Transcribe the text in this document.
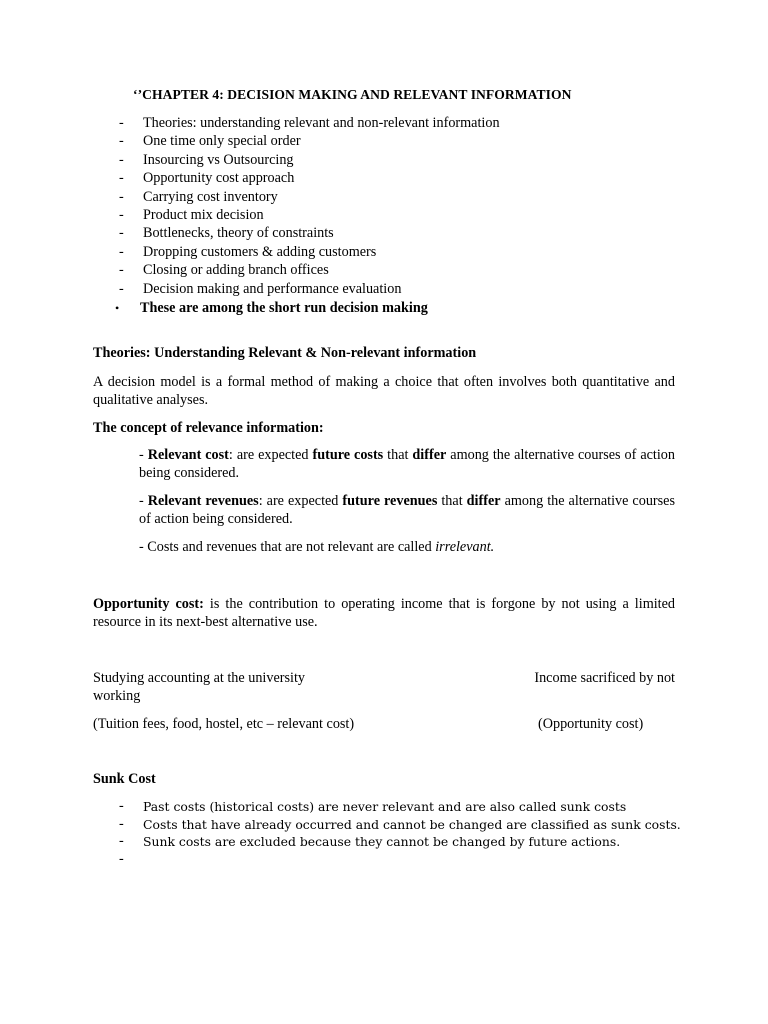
‘’CHAPTER 4: DECISION MAKING AND RELEVANT INFORMATION
- Theories: understanding relevant and non-relevant information
- One time only special order
- Insourcing vs Outsourcing
- Opportunity cost approach
- Carrying cost inventory
- Product mix decision
- Bottlenecks, theory of constraints
- Dropping customers & adding customers
- Closing or adding branch offices
- Decision making and performance evaluation
• These are among the short run decision making
Theories: Understanding Relevant & Non-relevant information
A decision model is a formal method of making a choice that often involves both quantitative and qualitative analyses.
The concept of relevance information:
- Relevant cost: are expected future costs that differ among the alternative courses of action being considered.
- Relevant revenues: are expected future revenues that differ among the alternative courses of action being considered.
- Costs and revenues that are not relevant are called irrelevant.
Opportunity cost: is the contribution to operating income that is forgone by not using a limited resource in its next-best alternative use.
Studying accounting at the university	Income sacrificed by not
working
(Tuition fees, food, hostel, etc – relevant cost)	(Opportunity cost)
Sunk Cost
- Past costs (historical costs) are never relevant and are also called sunk costs
- Costs that have already occurred and cannot be changed are classified as sunk costs.
- Sunk costs are excluded because they cannot be changed by future actions.
-
